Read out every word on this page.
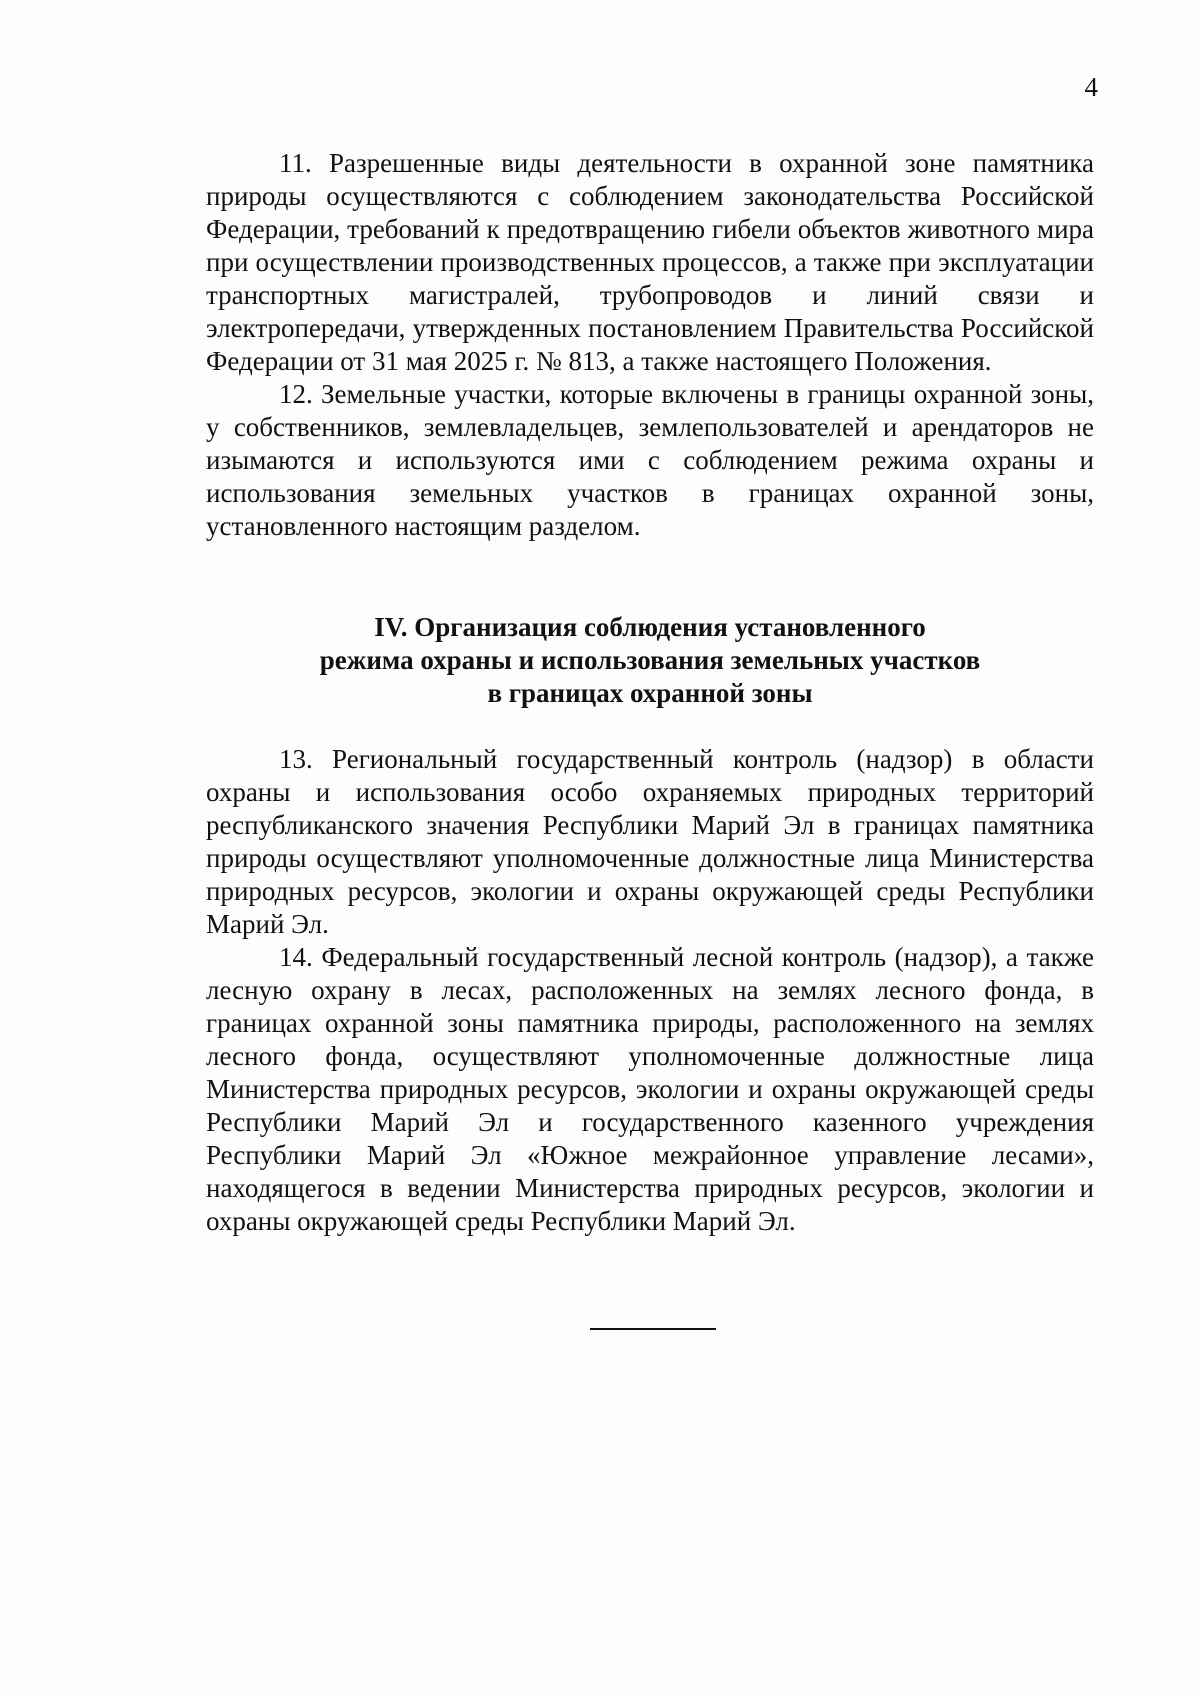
4

11. Разрешенные виды деятельности в охранной зоне памятника природы осуществляются с соблюдением законодательства Российской Федерации, требований к предотвращению гибели объектов животного мира при осуществлении производственных процессов, а также при эксплуатации транспортных магистралей, трубопроводов и линий связи и электропередачи, утвержденных постановлением Правительства Российской Федерации от 31 мая 2025 г. № 813, а также настоящего Положения.

12. Земельные участки, которые включены в границы охранной зоны, у собственников, землевладельцев, землепользователей и арендаторов не изымаются и используются ими с соблюдением режима охраны и использования земельных участков в границах охранной зоны, установленного настоящим разделом.

IV. Организация соблюдения установленного
режима охраны и использования земельных участков
в границах охранной зоны

13. Региональный государственный контроль (надзор) в области охраны и использования особо охраняемых природных территорий республиканского значения Республики Марий Эл в границах памятника природы осуществляют уполномоченные должностные лица Министерства природных ресурсов, экологии и охраны окружающей среды Республики Марий Эл.

14. Федеральный государственный лесной контроль (надзор), а также лесную охрану в лесах, расположенных на землях лесного фонда, в границах охранной зоны памятника природы, расположенного на землях лесного фонда, осуществляют уполномоченные должностные лица Министерства природных ресурсов, экологии и охраны окружающей среды Республики Марий Эл и государственного казенного учреждения Республики Марий Эл «Южное межрайонное управление лесами», находящегося в ведении Министерства природных ресурсов, экологии и охраны окружающей среды Республики Марий Эл.
